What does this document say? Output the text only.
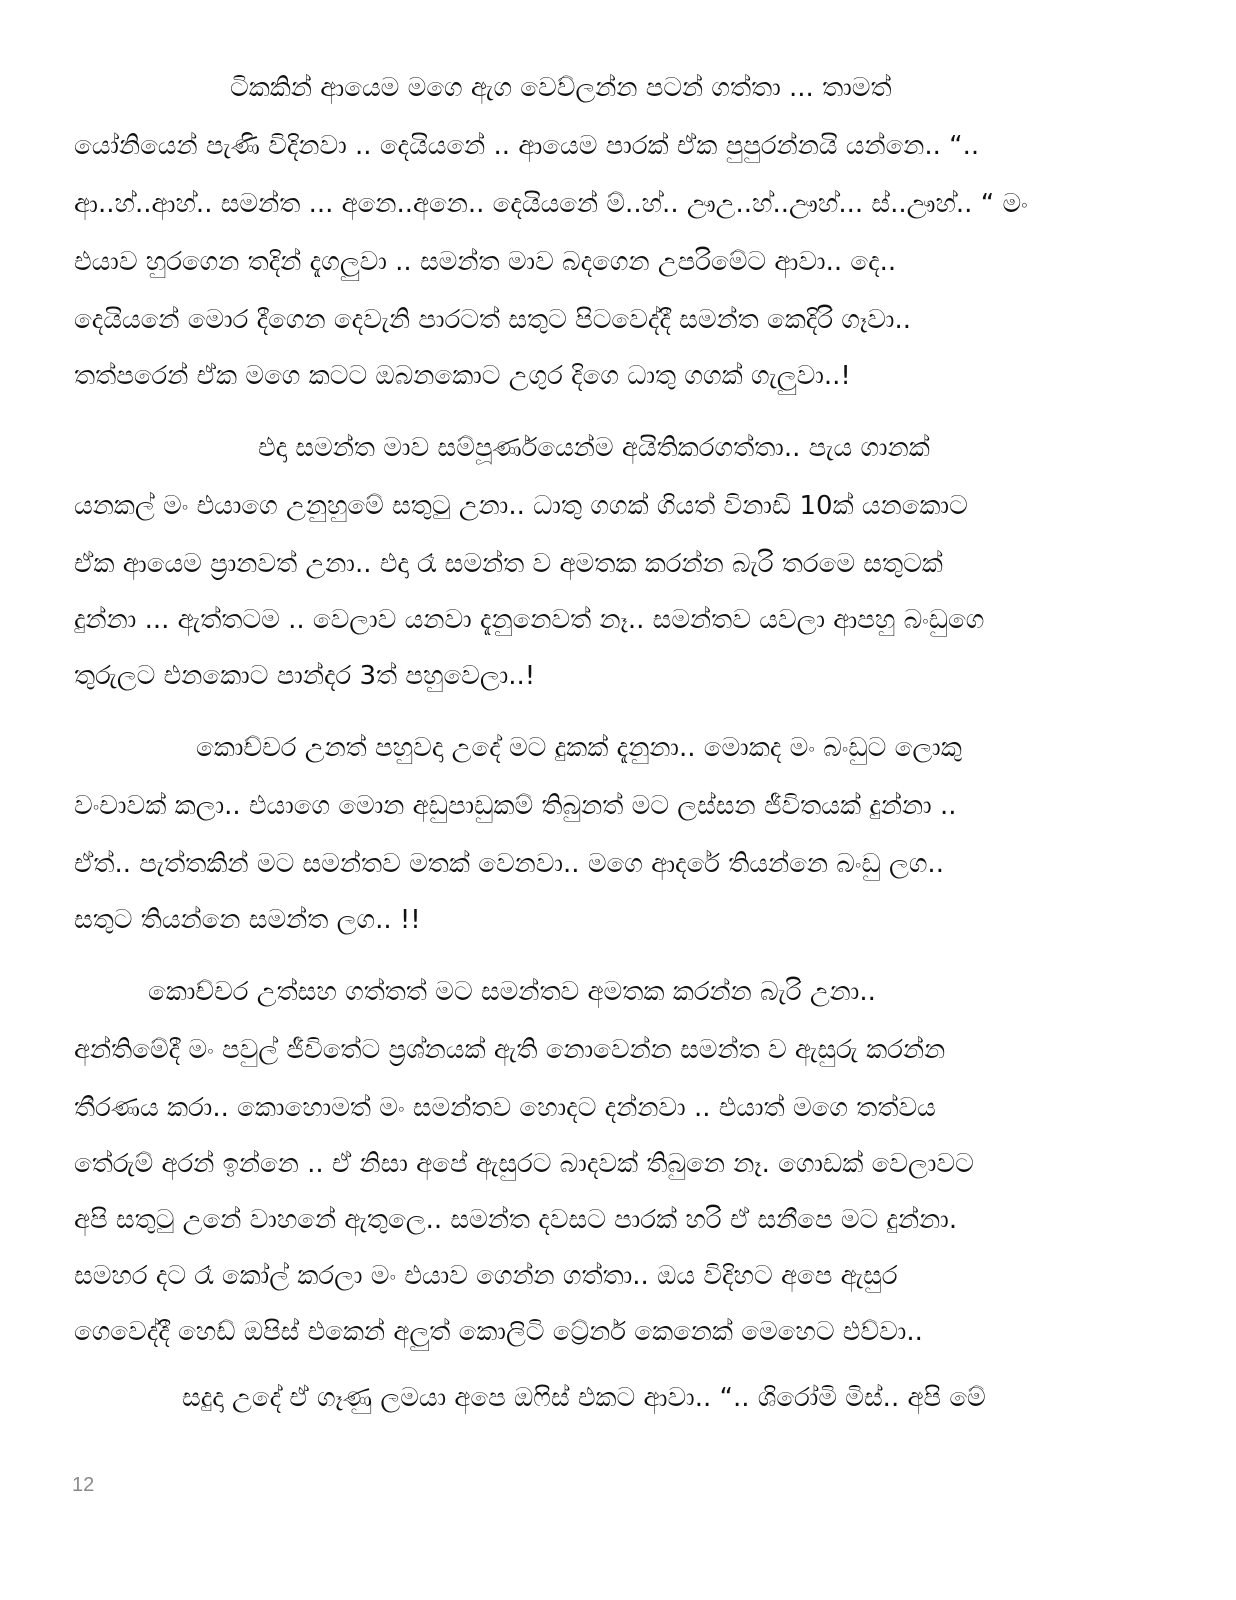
ටිකකින් ආයෙම මගෙ ඇග වෙව්ලන්න පටන් ගත්තා ... තාමත්
යෝනියෙන් පැණි විදිනවා .. දෙයියනේ .. ආයෙම පාරක් ඒක පුපුරන්නයි යන්නෙ.. “..
ආ..හ්..ආහ්.. සමන්ත ... අනෙ..අනෙ.. දෙයියනේ ම්..හ්.. ඌඋ..හ්..ඌහ්... ස්..ඌහ්.. “ මං
එයාව හුරගෙන තදින් දැගලුවා .. සමන්ත මාව බදගෙන උපරිමේට ආවා.. දෙ..
දෙයියනේ මොර දීගෙන දෙවැනි පාරටත් සතුට පිටවෙද්දී සමන්ත කෙදිරි ගෑවා..
තත්පරෙන් ඒක මගෙ කටට ඔබනකොට උගුර දිගෙ ධාතු ගගක් ගැලුවා..!
එදා සමන්ත මාව සම්පූර්ණයෙන්ම අයිතිකරගත්තා.. පැය ගානක්
යනකල් මං එයාගෙ උනුහුමේ සතුටු උනා.. ධාතු ගගක් ගියත් විනාඩි 10ක් යනකොට
ඒක ආයෙම ප්‍රානවත් උනා.. එදා රෑ සමන්ත ව අමතක කරන්න බැරි තරමෙ සතුටක්
දුන්නා ... ඇත්තටම .. වෙලාව යනවා දැනුනෙවත් නෑ.. සමන්තව යවලා ආපහු බංඩුගෙ
තුරුලට එනකොට පාන්දර 3ත් පහුවෙලා..!
කොච්චර උනත් පහුවදා උදේ මට දුකක් දැනුනා.. මොකද මං බංඩුට ලොකු
වංචාවක් කලා.. එයාගෙ මොන අඩුපාඩුකම් තිබුනත් මට ලස්සන ජීවිතයක් දුන්නා ..
ඒත්.. පැත්තකින් මට සමන්තව මතක් වෙනවා.. මගෙ ආදරේ තියන්නෙ බංඩු ලග..
සතුට තියන්නෙ සමන්ත ලග.. !!
කොච්චර උත්සහ ගත්තත් මට සමන්තව අමතක කරන්න බැරි උනා..
අන්තිමේදී මං පවුල් ජීවිතේට ප්‍රශ්නයක් ඇති නොවෙන්න සමන්ත ව ඇසුරු කරන්න
තීරණය කරා.. කොහොමත් මං සමන්තව හොදට දන්නවා .. එයාත් මගෙ තත්වය
තේරුම් අරන් ඉන්නෙ .. ඒ නිසා අපේ ඇසුරට බාදවක් තිබුනෙ නෑ. ගොඩක් වෙලාවට
අපි සතුටු උනේ වාහනේ ඇතුලෙ.. සමන්ත දවසට පාරක් හරි ඒ සනීපෙ මට දුන්නා.
සමහර දට රෑ කෝල් කරලා මං එයාව ගෙන්න ගත්තා.. ඔය විදිහට අපෙ ඇසුර
ගෙවෙද්දී හෙඩ් ඔපිස් එකෙන් අලුත් කොලිටි ට්‍රේනර් කෙනෙක් මෙහෙට එව්වා..
සදුදා උදේ ඒ ගෑණු ලමයා අපෙ ඔෆිස් එකට ආවා.. “.. ශිරෝමි මිස්.. අපි මේ
12
